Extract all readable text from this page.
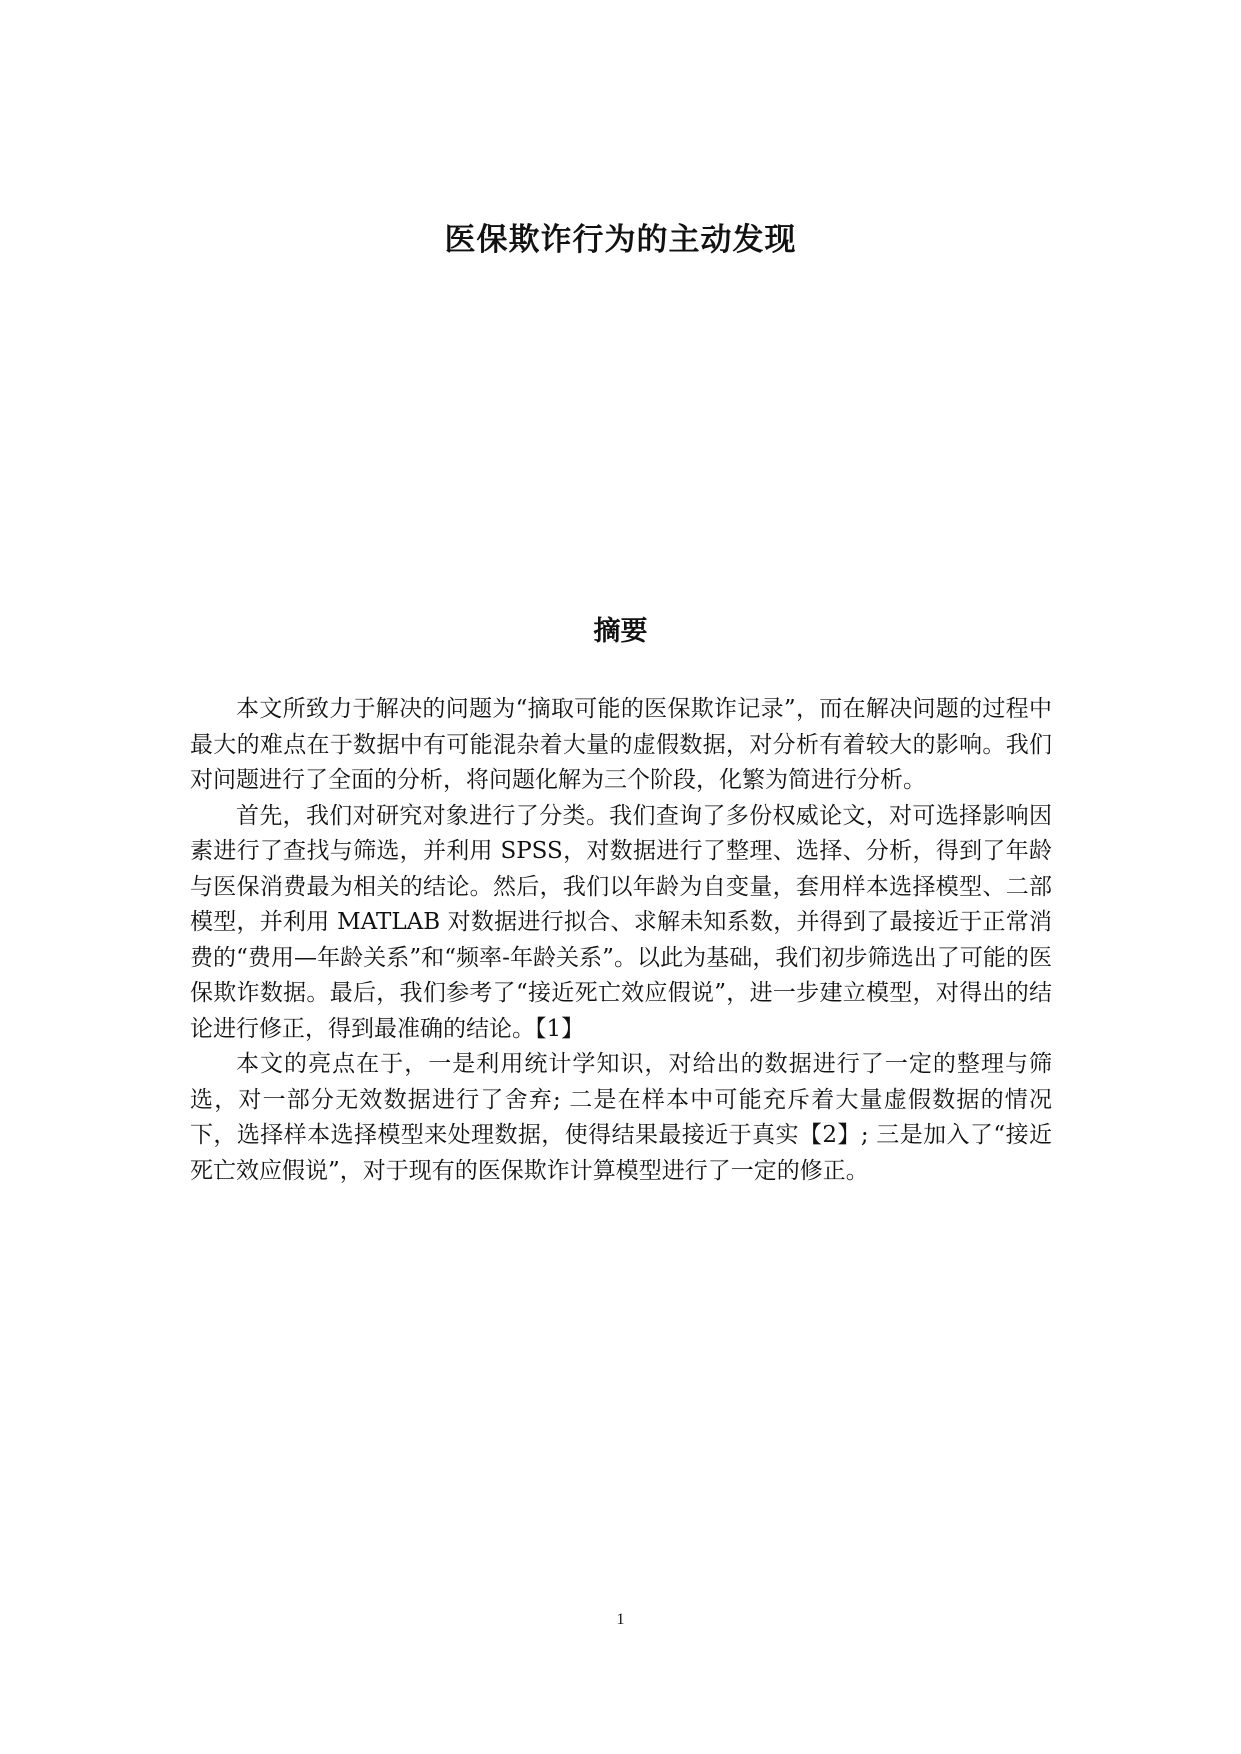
医保欺诈行为的主动发现
摘要

本文所致力于解决的问题为“摘取可能的医保欺诈记录”，而在解决问题的过程中最大的难点在于数据中有可能混杂着大量的虚假数据，对分析有着较大的影响。我们对问题进行了全面的分析，将问题化解为三个阶段，化繁为简进行分析。

首先，我们对研究对象进行了分类。我们查询了多份权威论文，对可选择影响因素进行了查找与筛选，并利用 SPSS，对数据进行了整理、选择、分析，得到了年龄与医保消费最为相关的结论。然后，我们以年龄为自变量，套用样本选择模型、二部模型，并利用 MATLAB 对数据进行拟合、求解未知系数，并得到了最接近于正常消费的“费用—年龄关系”和“频率-年龄关系”。以此为基础，我们初步筛选出了可能的医保欺诈数据。最后，我们参考了“接近死亡效应假说”，进一步建立模型，对得出的结论进行修正，得到最准确的结论。【1】

本文的亮点在于，一是利用统计学知识，对给出的数据进行了一定的整理与筛选，对一部分无效数据进行了舍弃; 二是在样本中可能充斥着大量虚假数据的情况下，选择样本选择模型来处理数据，使得结果最接近于真实【2】; 三是加入了“接近死亡效应假说”，对于现有的医保欺诈计算模型进行了一定的修正。

1
